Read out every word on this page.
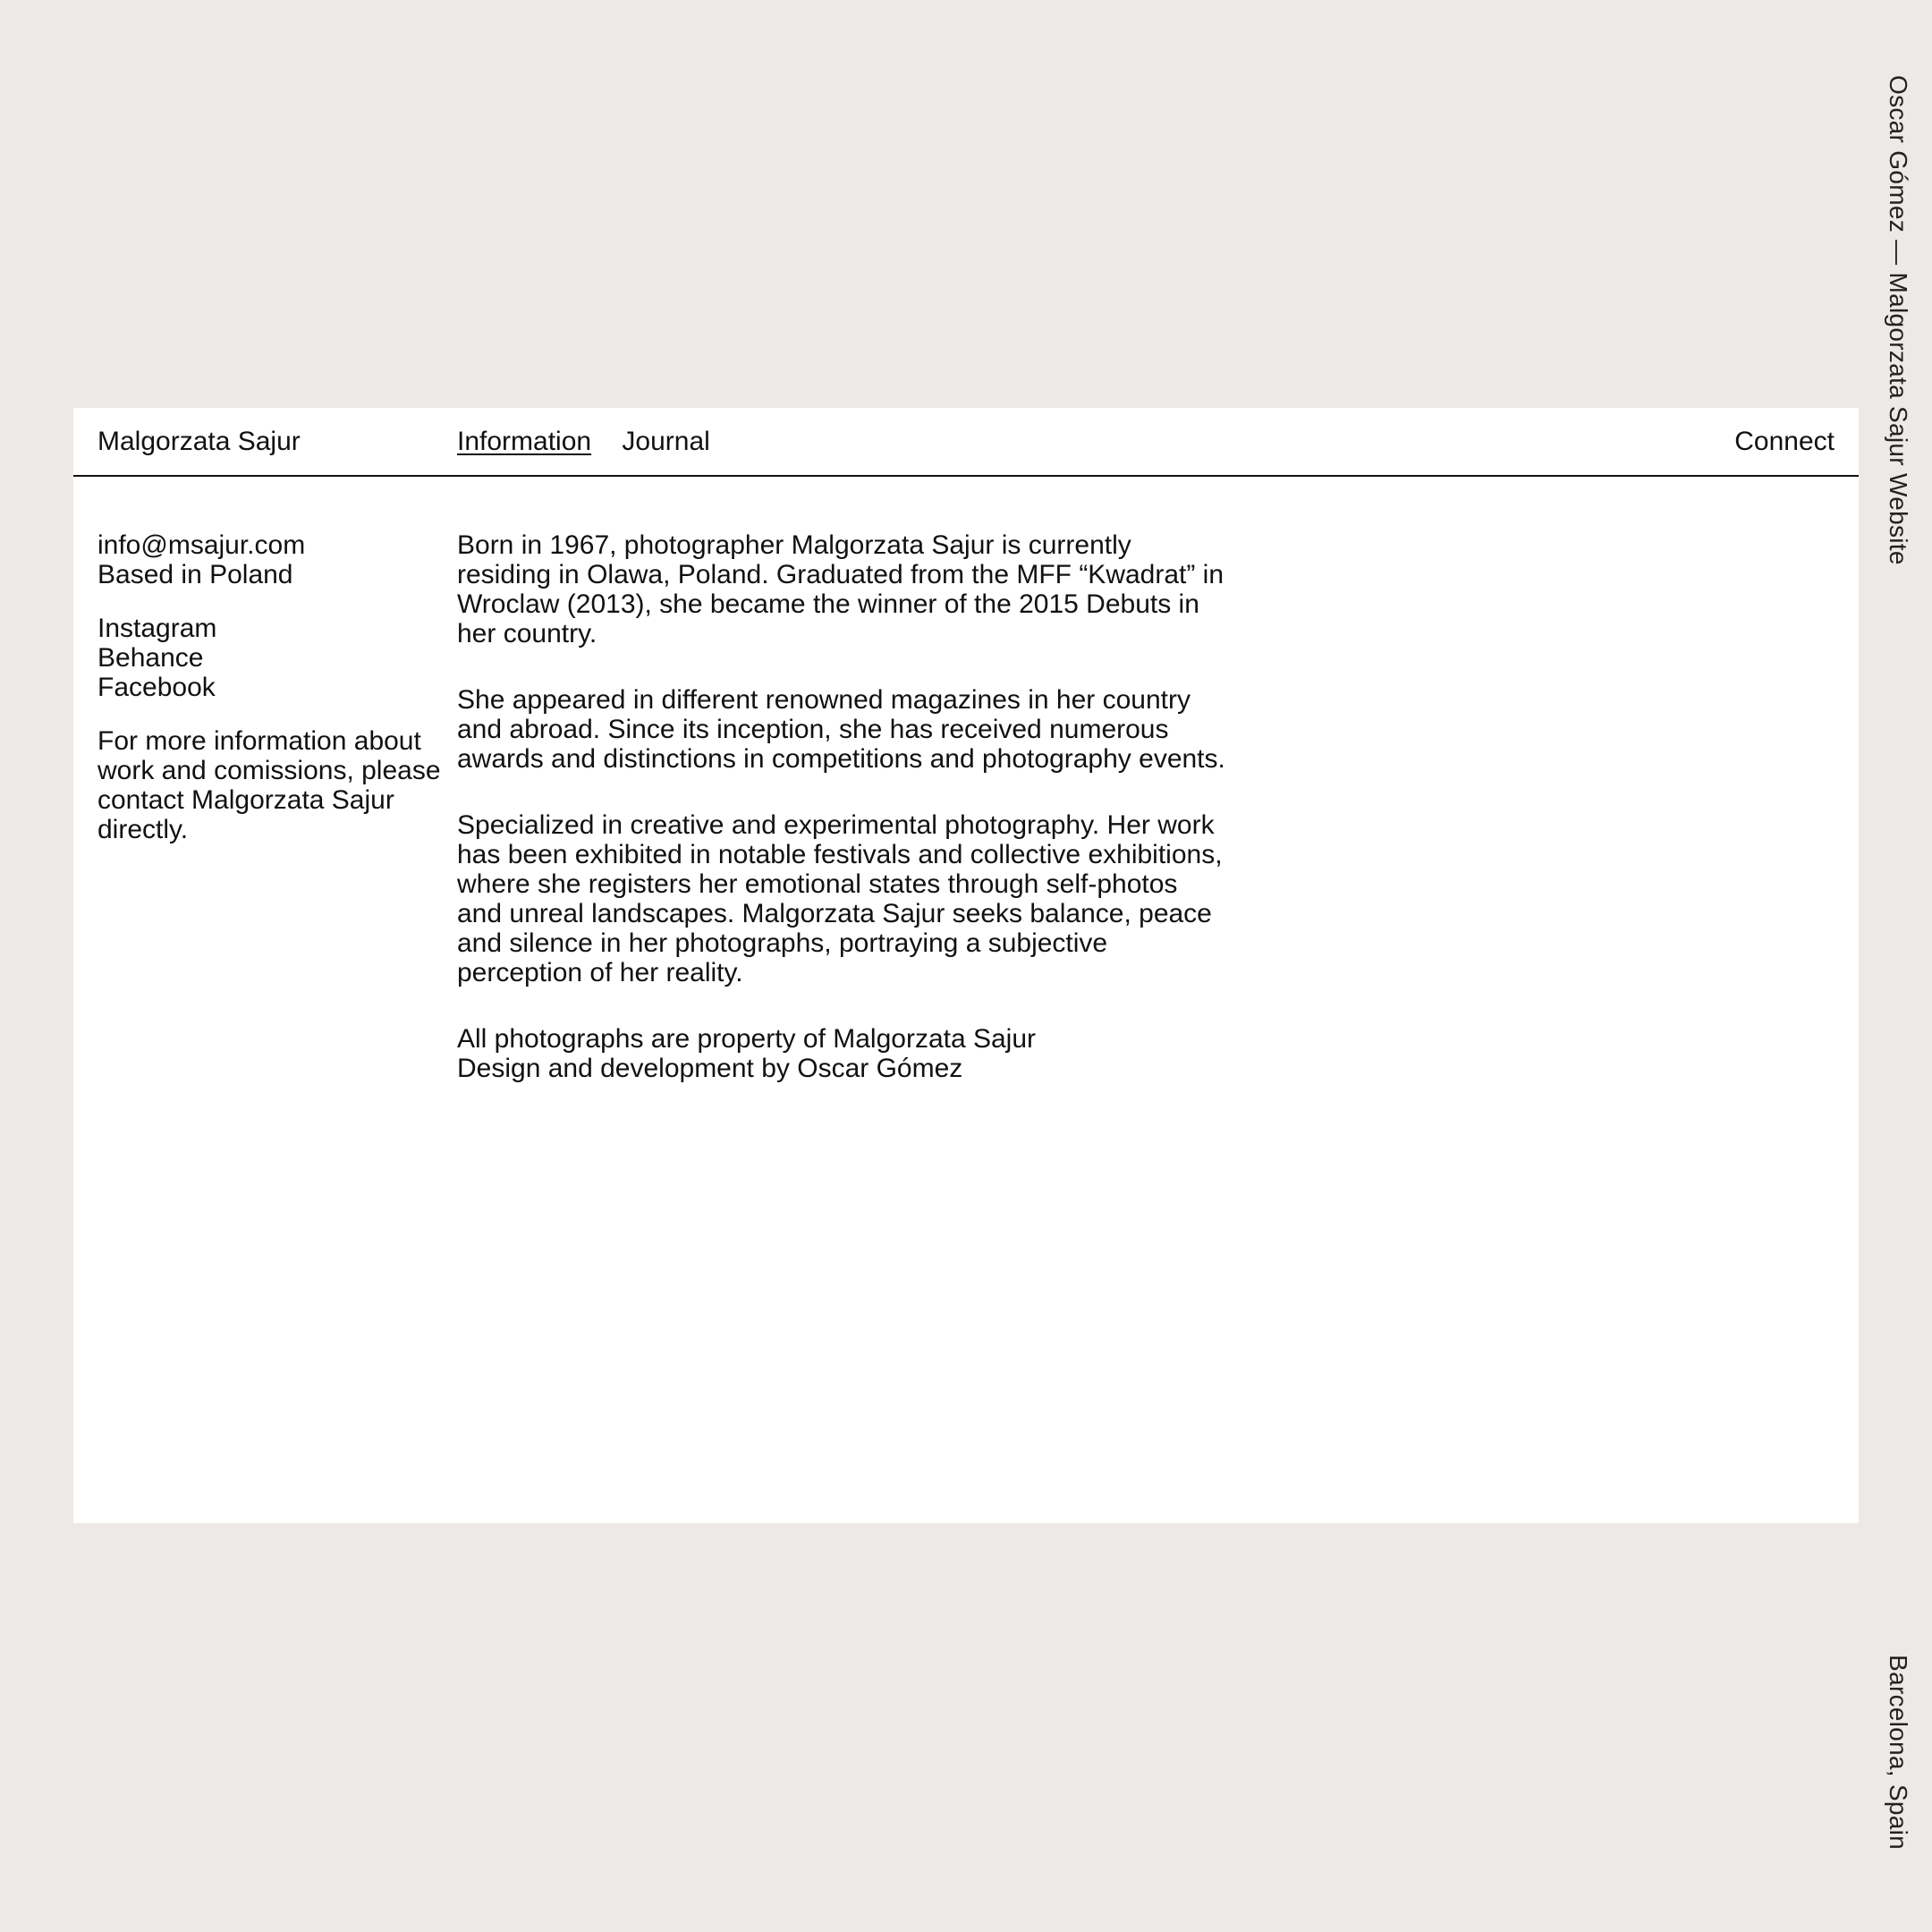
Malgorzata Sajur	Information Journal	Connect
info@msajur.com
Based in Poland
Instagram
Behance
Facebook
For more information about work and comissions, please contact Malgorzata Sajur directly.

Born in 1967, photographer Malgorzata Sajur is currently residing in Olawa, Poland. Graduated from the MFF “Kwadrat” in Wroclaw (2013), she became the winner of the 2015 Debuts in her country.

She appeared in different renowned magazines in her country and abroad. Since its inception, she has received numerous awards and distinctions in competitions and photography events.

Specialized in creative and experimental photography. Her work has been exhibited in notable festivals and collective exhibitions, where she registers her emotional states through self-photos and unreal landscapes. Malgorzata Sajur seeks balance, peace and silence in her photographs, portraying a subjective perception of her reality.

All photographs are property of Malgorzata Sajur
Design and development by Oscar Gómez

Oscar Gómez — Malgorzata Sajur Website
Barcelona, Spain
